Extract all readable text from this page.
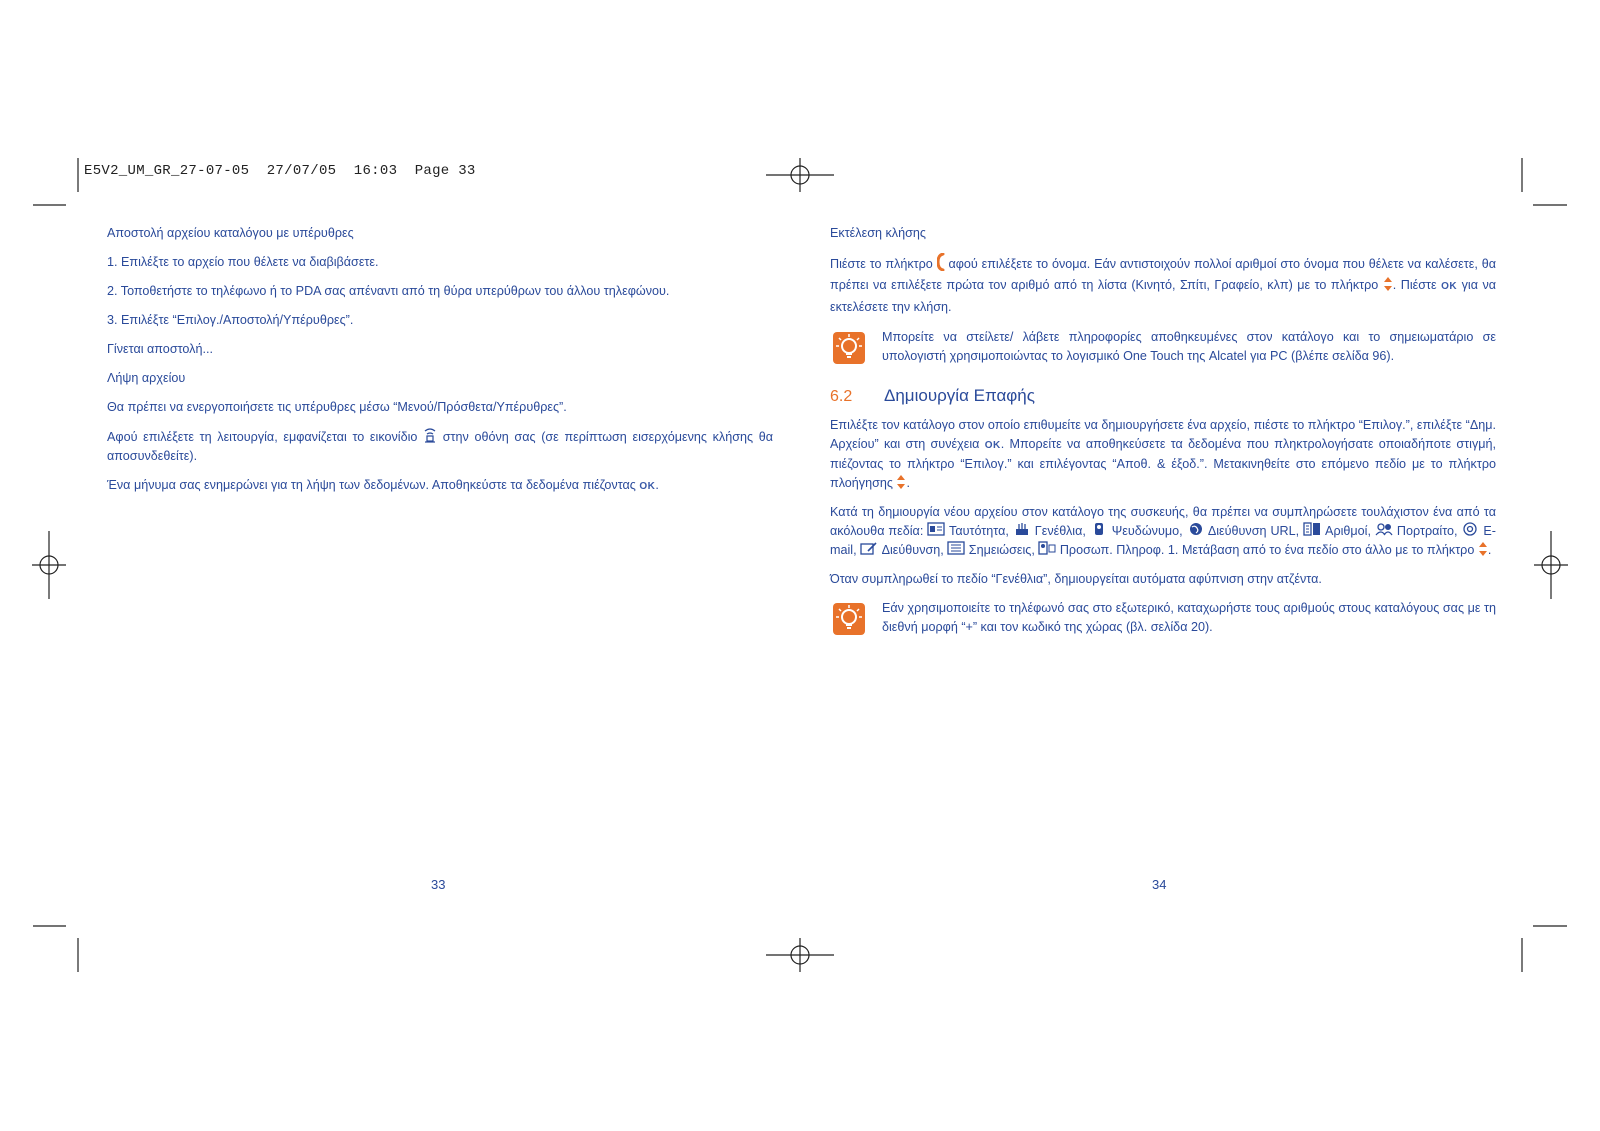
E5V2_UM_GR_27-07-05 27/07/05 16:03 Page 33

Αποστολή αρχείου καταλόγου με υπέρυθρες

1. Επιλέξτε το αρχείο που θέλετε να διαβιβάσετε.

2. Τοποθετήστε το τηλέφωνο ή το PDA σας απέναντι από τη θύρα υπερύθρων του άλλου τηλεφώνου.

3. Επιλέξτε “Επιλογ./Αποστολή/Υπέρυθρες”.

Γίνεται αποστολή...

Λήψη αρχείου

Θα πρέπει να ενεργοποιήσετε τις υπέρυθρες μέσω “Μενού/Πρόσθετα/Υπέρυθρες”.

Αφού επιλέξετε τη λειτουργία, εμφανίζεται το εικονίδιο στην οθόνη σας (σε περίπτωση εισερχόμενης κλήσης θα αποσυνδεθείτε).

Ένα μήνυμα σας ενημερώνει για τη λήψη των δεδομένων. Αποθηκεύστε τα δεδομένα πιέζοντας OK.

33

Εκτέλεση κλήσης

Πιέστε το πλήκτρο αφού επιλέξετε το όνομα. Εάν αντιστοιχούν πολλοί αριθμοί στο όνομα που θέλετε να καλέσετε, θα πρέπει να επιλέξετε πρώτα τον αριθμό από τη λίστα (Κινητό, Σπίτι, Γραφείο, κλπ) με το πλήκτρο . Πιέστε OK για να εκτελέσετε την κλήση.

Μπορείτε να στείλετε/ λάβετε πληροφορίες αποθηκευμένες στον κατάλογο και το σημειωματάριο σε υπολογιστή χρησιμοποιώντας το λογισμικό One Touch της Alcatel για PC (βλέπε σελίδα 96).

6.2	Δημιουργία Επαφής

Επιλέξτε τον κατάλογο στον οποίο επιθυμείτε να δημιουργήσετε ένα αρχείο, πιέστε το πλήκτρο “Επιλογ.”, επιλέξτε “Δημ. Αρχείου” και στη συνέχεια OK. Μπορείτε να αποθηκεύσετε τα δεδομένα που πληκτρολογήσατε οποιαδήποτε στιγμή, πιέζοντας το πλήκτρο “Επιλογ.” και επιλέγοντας “Αποθ. & έξοδ.”. Μετακινηθείτε στο επόμενο πεδίο με το πλήκτρο πλοήγησης .

Κατά τη δημιουργία νέου αρχείου στον κατάλογο της συσκευής, θα πρέπει να συμπληρώσετε τουλάχιστον ένα από τα ακόλουθα πεδία: Ταυτότητα, Γενέθλια, Ψευδώνυμο, Διεύθυνση URL, Αριθμοί, Πορτραίτο, E-mail, Διεύθυνση, Σημειώσεις, Προσωπ. Πληροφ. 1. Μετάβαση από το ένα πεδίο στο άλλο με το πλήκτρο .

Όταν συμπληρωθεί το πεδίο “Γενέθλια”, δημιουργείται αυτόματα αφύπνιση στην ατζέντα.

Εάν χρησιμοποιείτε το τηλέφωνό σας στο εξωτερικό, καταχωρήστε τους αριθμούς στους καταλόγους σας με τη διεθνή μορφή “+” και τον κωδικό της χώρας (βλ. σελίδα 20).

34
